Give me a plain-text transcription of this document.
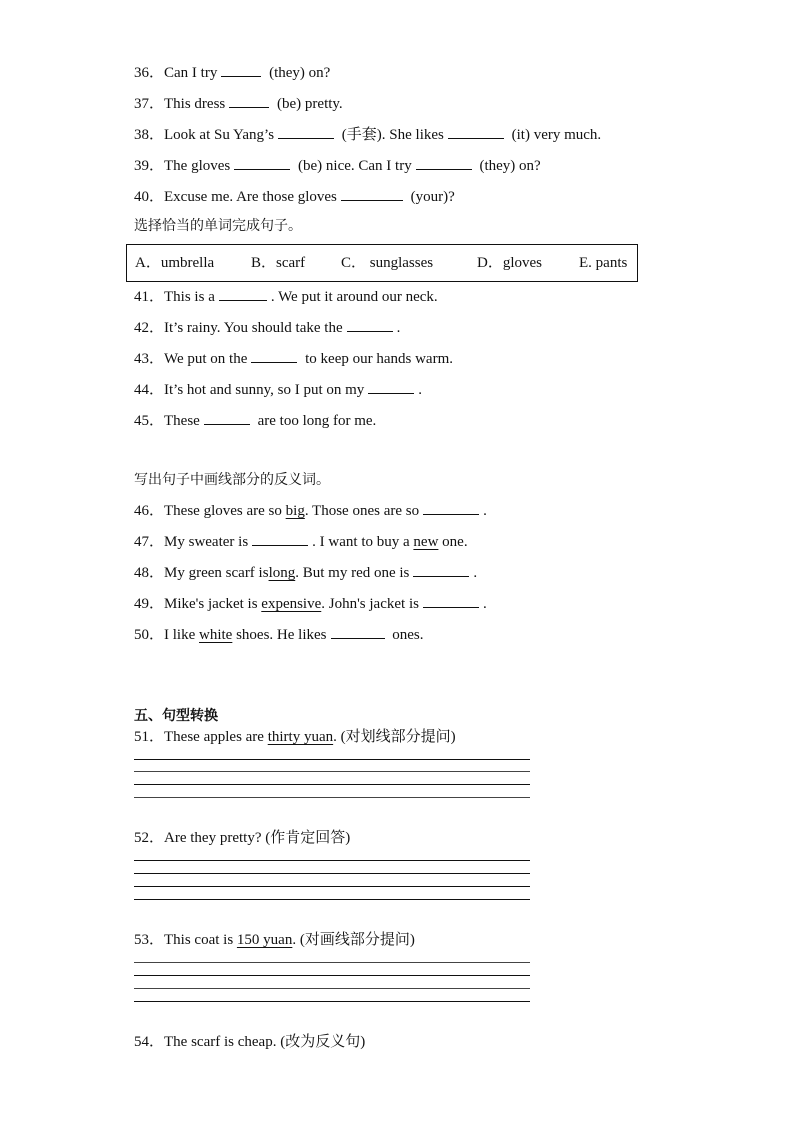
36．Can I try	(they) on?
37．This dress	(be) pretty.
38．Look at Su Yang’s	(手套). She likes	(it) very much.
39．The gloves	(be) nice. Can I try	(they) on?
40．Excuse me. Are those gloves	(your)?
选择恰当的单词完成句子。
A．umbrella B．scarf C． sunglasses	D．gloves E. pants
41．This is a	. We put it around our neck.
42．It’s rainy. You should take the	.
43．We put on the	to keep our hands warm.
44．It’s hot and sunny, so I put on my	.
45．These	are too long for me.
写出句子中画线部分的反义词。
46．These gloves are so big. Those ones are so	.
47．My sweater is	. I want to buy a new one.
48．My green scarf islong. But my red one is	.
49．Mike's jacket is expensive. John's jacket is	.
50．I like white shoes. He likes	ones.
五、句型转换
51．These apples are thirty yuan. (对划线部分提问)
52．Are they pretty? (作肯定回答)
53．This coat is 150 yuan. (对画线部分提问)
54．The scarf is cheap. (改为反义句)
